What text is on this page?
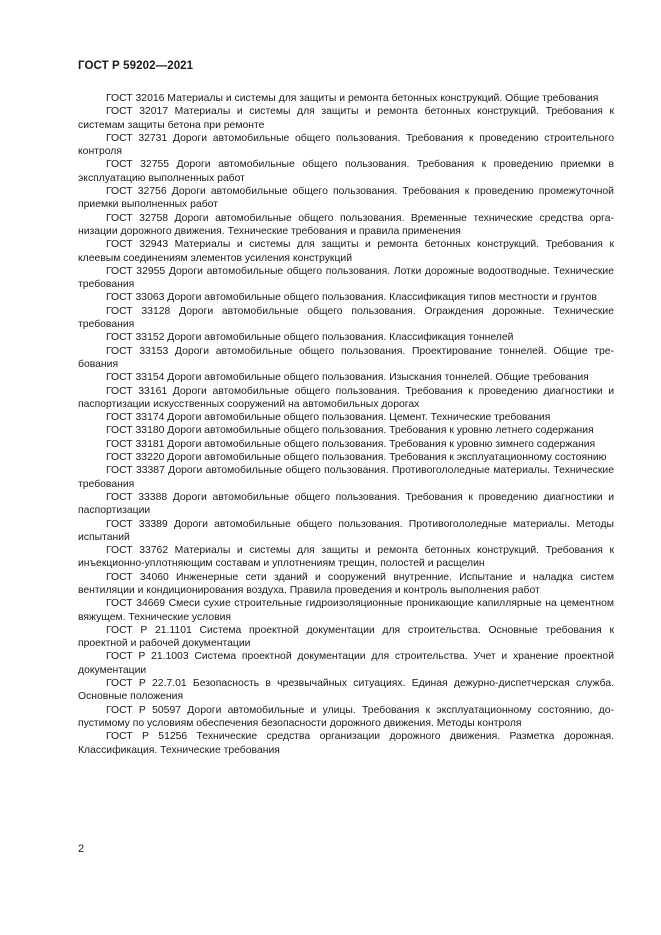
ГОСТ Р 59202—2021

ГОСТ 32016 Материалы и системы для защиты и ремонта бетонных конструкций. Общие требования

ГОСТ 32017 Материалы и системы для защиты и ремонта бетонных конструкций. Требования к системам защиты бетона при ремонте

ГОСТ 32731 Дороги автомобильные общего пользования. Требования к проведению строительного контроля

ГОСТ 32755 Дороги автомобильные общего пользования. Требования к проведению приемки в эксплуатацию выполненных работ

ГОСТ 32756 Дороги автомобильные общего пользования. Требования к проведению промежуточной приемки выполненных работ

ГОСТ 32758 Дороги автомобильные общего пользования. Временные технические средства организации дорожного движения. Технические требования и правила применения

ГОСТ 32943 Материалы и системы для защиты и ремонта бетонных конструкций. Требования к клеевым соединениям элементов усиления конструкций

ГОСТ 32955 Дороги автомобильные общего пользования. Лотки дорожные водоотводные. Технические требования

ГОСТ 33063 Дороги автомобильные общего пользования. Классификация типов местности и грунтов

ГОСТ 33128 Дороги автомобильные общего пользования. Ограждения дорожные. Технические требования

ГОСТ 33152 Дороги автомобильные общего пользования. Классификация тоннелей

ГОСТ 33153 Дороги автомобильные общего пользования. Проектирование тоннелей. Общие требования

ГОСТ 33154 Дороги автомобильные общего пользования. Изыскания тоннелей. Общие требования

ГОСТ 33161 Дороги автомобильные общего пользования. Требования к проведению диагностики и паспортизации искусственных сооружений на автомобильных дорогах

ГОСТ 33174 Дороги автомобильные общего пользования. Цемент. Технические требования

ГОСТ 33180 Дороги автомобильные общего пользования. Требования к уровню летнего содержания

ГОСТ 33181 Дороги автомобильные общего пользования. Требования к уровню зимнего содержания

ГОСТ 33220 Дороги автомобильные общего пользования. Требования к эксплуатационному состоянию

ГОСТ 33387 Дороги автомобильные общего пользования. Противогололедные материалы. Технические требования

ГОСТ 33388 Дороги автомобильные общего пользования. Требования к проведению диагностики и паспортизации

ГОСТ 33389 Дороги автомобильные общего пользования. Противогололедные материалы. Методы испытаний

ГОСТ 33762 Материалы и системы для защиты и ремонта бетонных конструкций. Требования к инъекционно-уплотняющим составам и уплотнениям трещин, полостей и расщелин

ГОСТ 34060 Инженерные сети зданий и сооружений внутренние. Испытание и наладка систем вентиляции и кондиционирования воздуха. Правила проведения и контроль выполнения работ

ГОСТ 34669 Смеси сухие строительные гидроизоляционные проникающие капиллярные на цементном вяжущем. Технические условия

ГОСТ Р 21.1101 Система проектной документации для строительства. Основные требования к проектной и рабочей документации

ГОСТ Р 21.1003 Система проектной документации для строительства. Учет и хранение проектной документации

ГОСТ Р 22.7.01 Безопасность в чрезвычайных ситуациях. Единая дежурно-диспетчерская служба. Основные положения

ГОСТ Р 50597 Дороги автомобильные и улицы. Требования к эксплуатационному состоянию, допустимому по условиям обеспечения безопасности дорожного движения. Методы контроля

ГОСТ Р 51256 Технические средства организации дорожного движения. Разметка дорожная. Классификация. Технические требования

2
